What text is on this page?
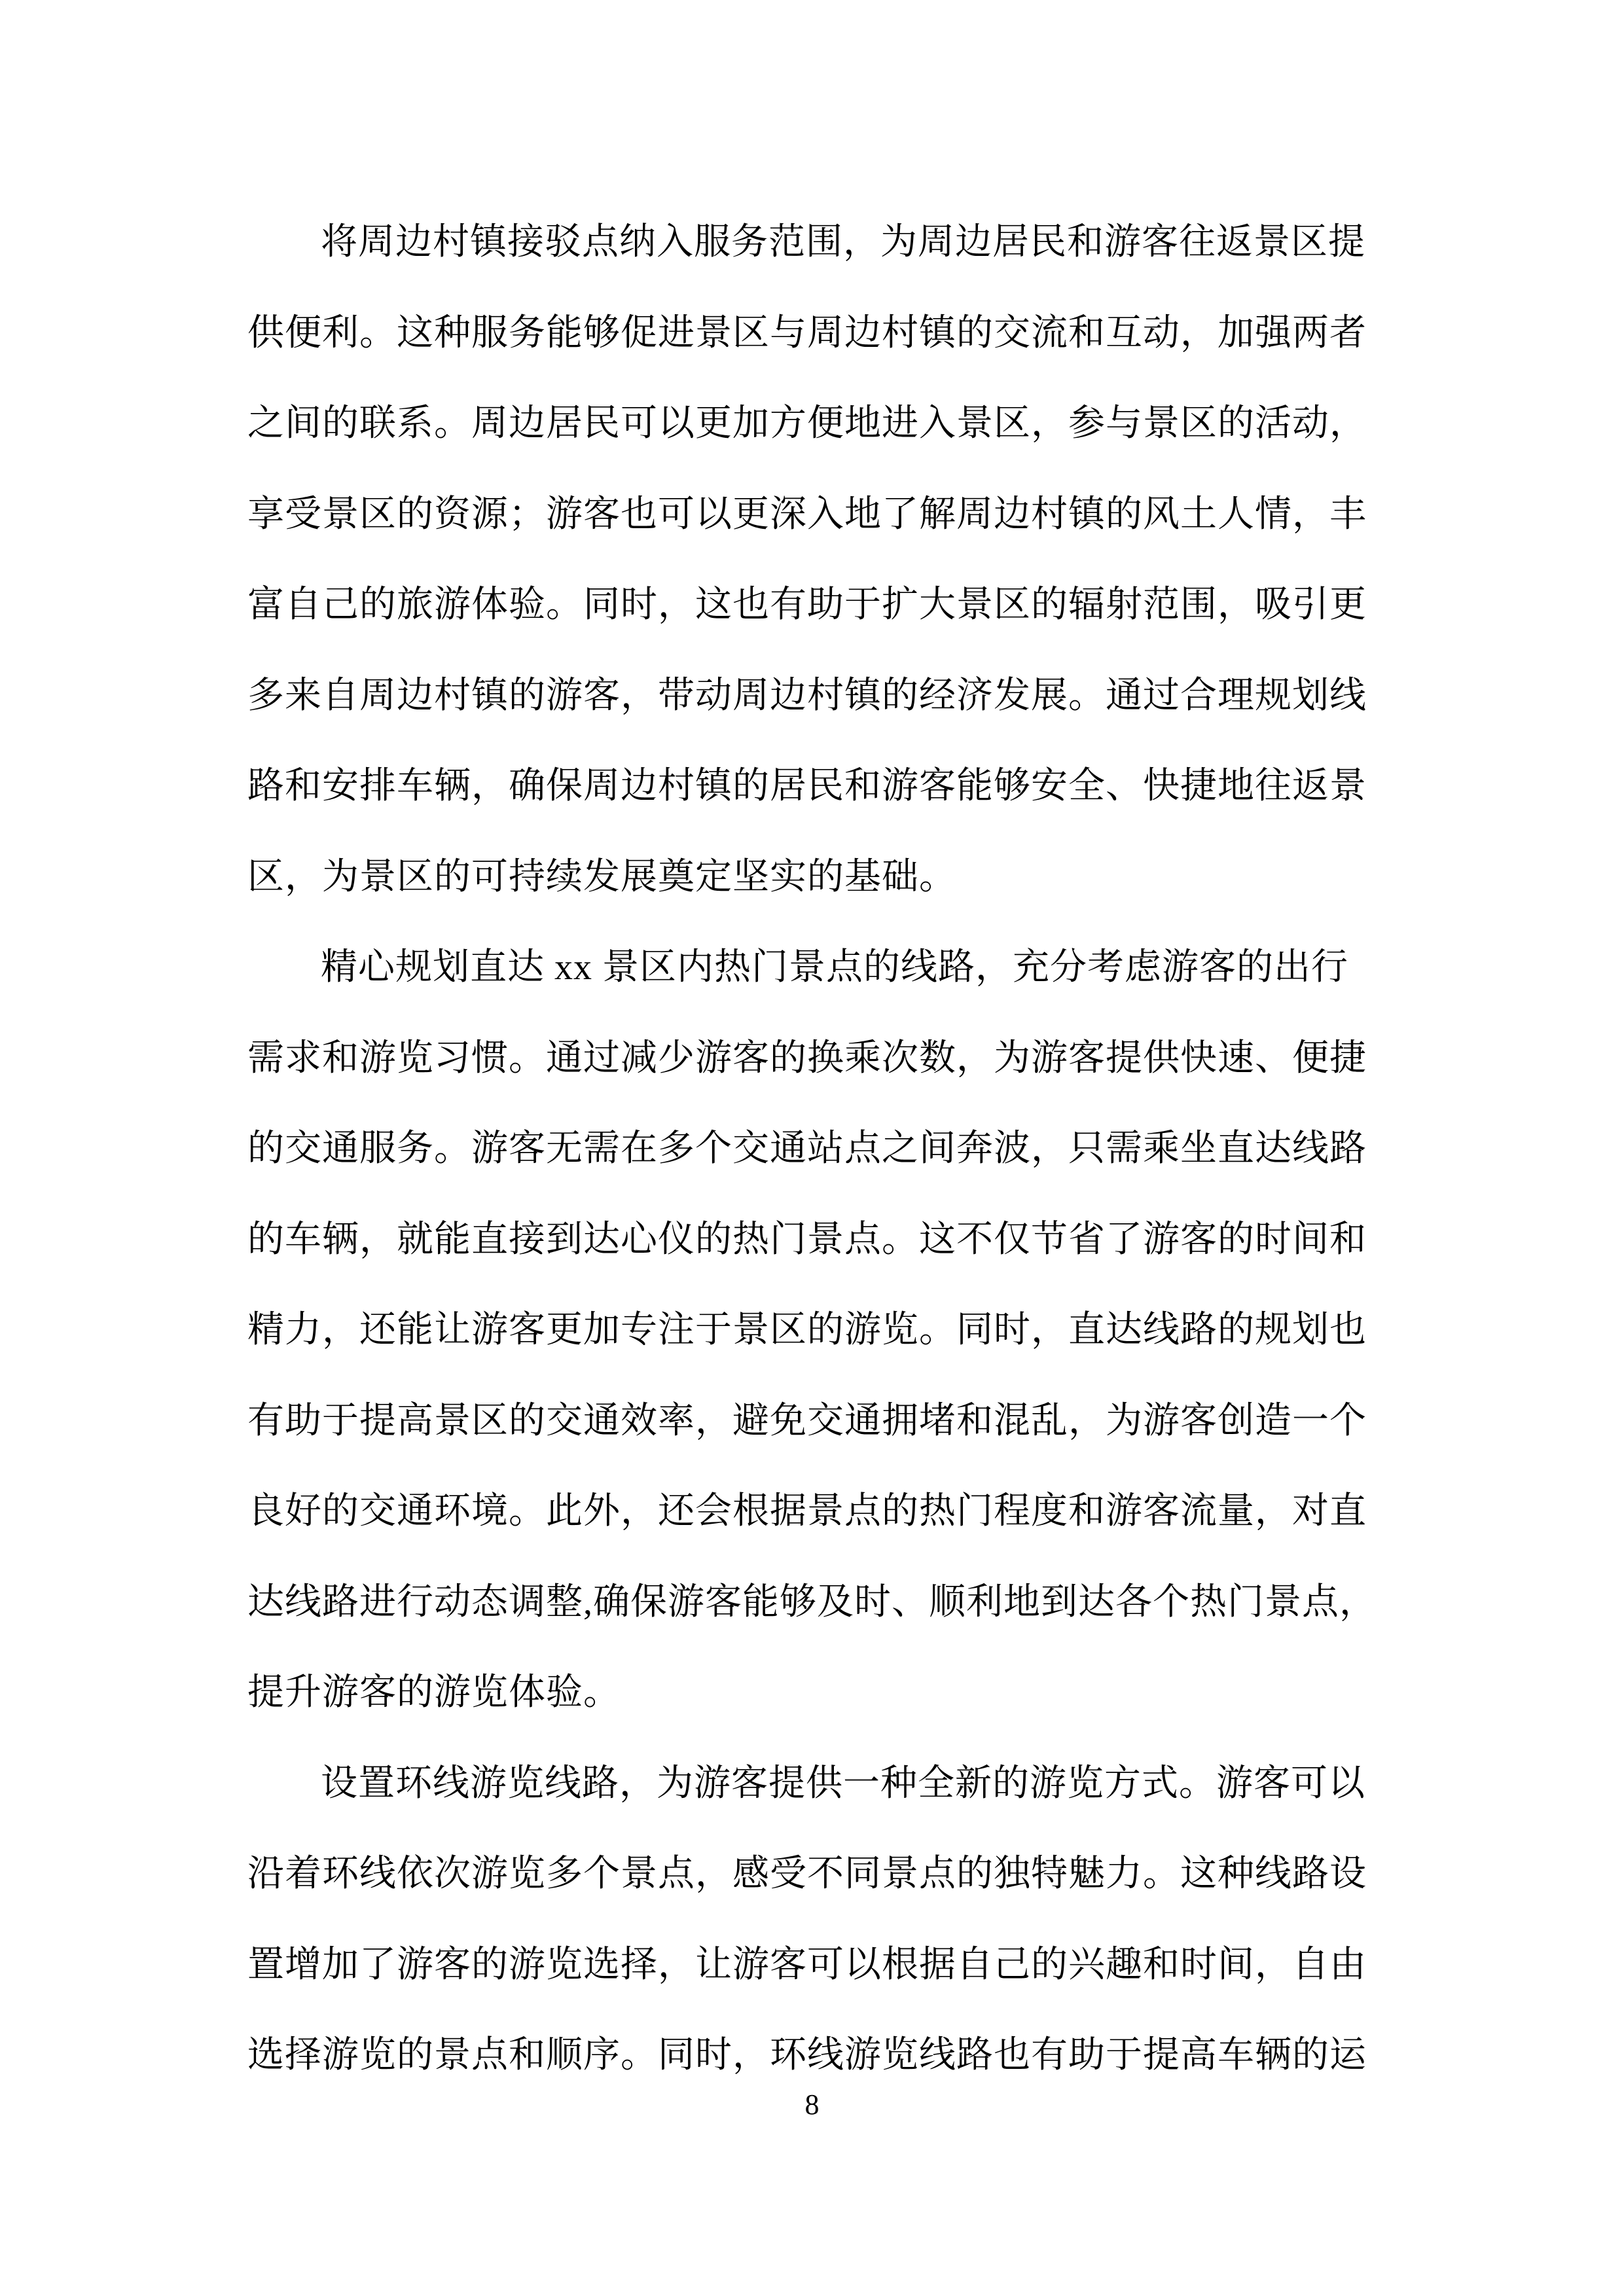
将周边村镇接驳点纳入服务范围，为周边居民和游客往返景区提
供便利。这种服务能够促进景区与周边村镇的交流和互动，加强两者
之间的联系。周边居民可以更加方便地进入景区，参与景区的活动，
享受景区的资源；游客也可以更深入地了解周边村镇的风土人情，丰
富自己的旅游体验。同时，这也有助于扩大景区的辐射范围，吸引更
多来自周边村镇的游客，带动周边村镇的经济发展。通过合理规划线
路和安排车辆，确保周边村镇的居民和游客能够安全、快捷地往返景
区，为景区的可持续发展奠定坚实的基础。
精心规划直达 xx 景区内热门景点的线路，充分考虑游客的出行
需求和游览习惯。通过减少游客的换乘次数，为游客提供快速、便捷
的交通服务。游客无需在多个交通站点之间奔波，只需乘坐直达线路
的车辆，就能直接到达心仪的热门景点。这不仅节省了游客的时间和
精力，还能让游客更加专注于景区的游览。同时，直达线路的规划也
有助于提高景区的交通效率，避免交通拥堵和混乱，为游客创造一个
良好的交通环境。此外，还会根据景点的热门程度和游客流量，对直
达线路进行动态调整,确保游客能够及时、顺利地到达各个热门景点，
提升游客的游览体验。
设置环线游览线路，为游客提供一种全新的游览方式。游客可以
沿着环线依次游览多个景点，感受不同景点的独特魅力。这种线路设
置增加了游客的游览选择，让游客可以根据自己的兴趣和时间，自由
选择游览的景点和顺序。同时，环线游览线路也有助于提高车辆的运
8
